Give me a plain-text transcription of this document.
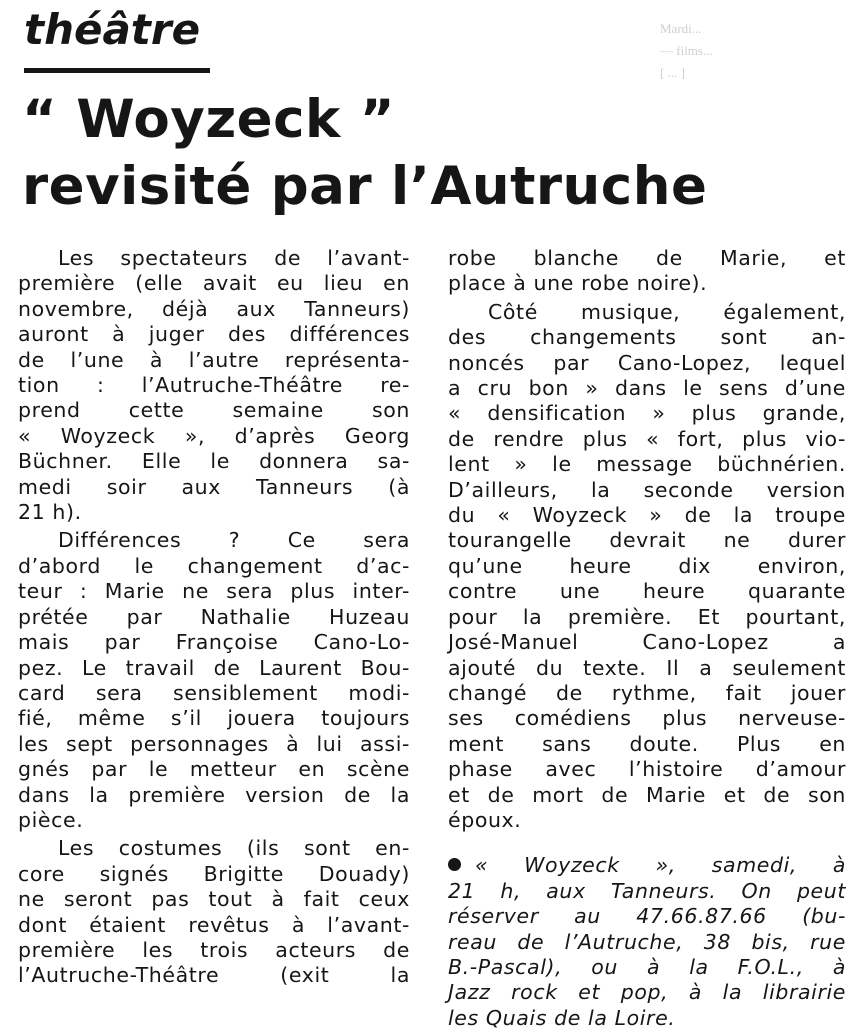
théâtre	Mardi...
— films...
[ ... ]
“ Woyzeck ”
revisité par l’Autruche

Les spectateurs de l’avant-
première (elle avait eu lieu en
novembre, déjà aux Tanneurs)
auront à juger des différences
de l’une à l’autre représenta-
tion : l’Autruche-Théâtre re-
prend cette semaine son
« Woyzeck », d’après Georg
Büchner. Elle le donnera sa-
medi soir aux Tanneurs (à
21 h).

Différences ? Ce sera
d’abord le changement d’ac-
teur : Marie ne sera plus inter-
prétée par Nathalie Huzeau
mais par Françoise Cano-Lo-
pez. Le travail de Laurent Bou-
card sera sensiblement modi-
fié, même s’il jouera toujours
les sept personnages à lui assi-
gnés par le metteur en scène
dans la première version de la
pièce.

Les costumes (ils sont en-
core signés Brigitte Douady)
ne seront pas tout à fait ceux
dont étaient revêtus à l’avant-
première les trois acteurs de
l’Autruche-Théâtre (exit la

robe blanche de Marie, et
place à une robe noire).

Côté musique, également,
des changements sont an-
noncés par Cano-Lopez, lequel
a cru bon » dans le sens d’une
« densification » plus grande,
de rendre plus « fort, plus vio-
lent » le message büchnérien.
D’ailleurs, la seconde version
du « Woyzeck » de la troupe
tourangelle devrait ne durer
qu’une heure dix environ,
contre une heure quarante
pour la première. Et pourtant,
José-Manuel Cano-Lopez a
ajouté du texte. Il a seulement
changé de rythme, fait jouer
ses comédiens plus nerveuse-
ment sans doute. Plus en
phase avec l’histoire d’amour
et de mort de Marie et de son
époux.

« Woyzeck », samedi, à
21 h, aux Tanneurs. On peut
réserver au 47.66.87.66 (bu-
reau de l’Autruche, 38 bis, rue
B.-Pascal), ou à la F.O.L., à
Jazz rock et pop, à la librairie
les Quais de la Loire.
